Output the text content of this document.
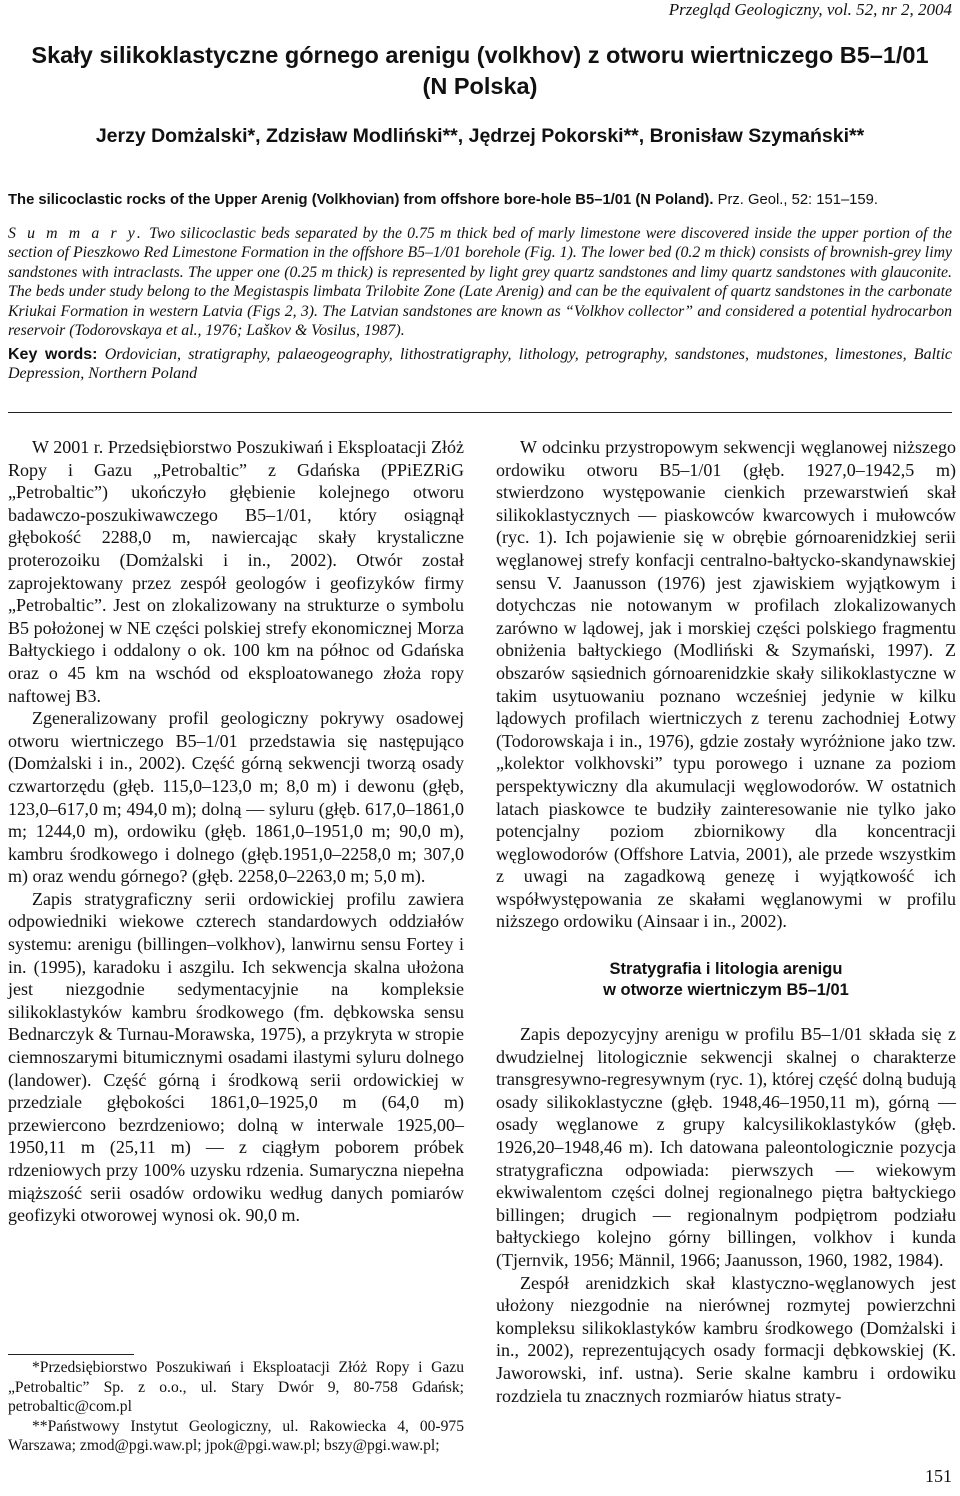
Przegląd Geologiczny, vol. 52, nr 2, 2004
Skały silikoklastyczne górnego arenigu (volkhov) z otworu wiertniczego B5–1/01 (N Polska)

Jerzy Domżalski*, Zdzisław Modliński**, Jędrzej Pokorski**, Bronisław Szymański**

The silicoclastic rocks of the Upper Arenig (Volkhovian) from offshore bore-hole B5–1/01 (N Poland). Prz. Geol., 52: 151–159.

S u m m a r y. Two silicoclastic beds separated by the 0.75 m thick bed of marly limestone were discovered inside the upper portion of the section of Pieszkowo Red Limestone Formation in the offshore B5–1/01 borehole (Fig. 1). The lower bed (0.2 m thick) consists of brownish-grey limy sandstones with intraclasts. The upper one (0.25 m thick) is represented by light grey quartz sandstones and limy quartz sandstones with glauconite. The beds under study belong to the Megistaspis limbata Trilobite Zone (Late Arenig) and can be the equivalent of quartz sandstones in the carbonate Kriukai Formation in western Latvia (Figs 2, 3). The Latvian sandstones are known as “Volkhov collector” and considered a potential hydrocarbon reservoir (Todorovskaya et al., 1976; Laškov & Vosilus, 1987).

Key words: Ordovician, stratigraphy, palaeogeography, lithostratigraphy, lithology, petrography, sandstones, mudstones, limestones, Baltic Depression, Northern Poland

W 2001 r. Przedsiębiorstwo Poszukiwań i Eksploatacji Złóż Ropy i Gazu „Petrobaltic” z Gdańska (PPiEZRiG „Petrobaltic”) ukończyło głębienie kolejnego otworu badawczo-poszukiwawczego B5–1/01, który osiągnął głębokość 2288,0 m, nawiercając skały krystaliczne proterozoiku (Domżalski i in., 2002). Otwór został zaprojektowany przez zespół geologów i geofizyków firmy „Petrobaltic”. Jest on zlokalizowany na strukturze o symbolu B5 położonej w NE części polskiej strefy ekonomicznej Morza Bałtyckiego i oddalony o ok. 100 km na północ od Gdańska oraz o 45 km na wschód od eksploatowanego złoża ropy naftowej B3.

Zgeneralizowany profil geologiczny pokrywy osadowej otworu wiertniczego B5–1/01 przedstawia się następująco (Domżalski i in., 2002). Część górną sekwencji tworzą osady czwartorzędu (głęb. 115,0–123,0 m; 8,0 m) i dewonu (głęb, 123,0–617,0 m; 494,0 m); dolną — syluru (głęb. 617,0–1861,0 m; 1244,0 m), ordowiku (głęb. 1861,0–1951,0 m; 90,0 m), kambru środkowego i dolnego (głęb.1951,0–2258,0 m; 307,0 m) oraz wendu górnego? (głęb. 2258,0–2263,0 m; 5,0 m).

Zapis stratygraficzny serii ordowickiej profilu zawiera odpowiedniki wiekowe czterech standardowych oddziałów systemu: arenigu (billingen–volkhov), lanwirnu sensu Fortey i in. (1995), karadoku i aszgilu. Ich sekwencja skalna ułożona jest niezgodnie sedymentacyjnie na kompleksie silikoklastyków kambru środkowego (fm. dębkowska sensu Bednarczyk & Turnau-Morawska, 1975), a przykryta w stropie ciemnoszarymi bitumicznymi osadami ilastymi syluru dolnego (landower). Część górną i środkową serii ordowickiej w przedziale głębokości 1861,0–1925,0 m (64,0 m) przewiercono bezrdzeniowo; dolną w interwale 1925,00–1950,11 m (25,11 m) — z ciągłym poborem próbek rdzeniowych przy 100% uzysku rdzenia. Sumaryczna niepełna miąższość serii osadów ordowiku według danych pomiarów geofizyki otworowej wynosi ok. 90,0 m.

W odcinku przystropowym sekwencji węglanowej niższego ordowiku otworu B5–1/01 (głęb. 1927,0–1942,5 m) stwierdzono występowanie cienkich przewarstwień skał silikoklastycznych — piaskowców kwarcowych i mułowców (ryc. 1). Ich pojawienie się w obrębie górnoarenidzkiej serii węglanowej strefy konfacji centralno-bałtycko-skandynawskiej sensu V. Jaanusson (1976) jest zjawiskiem wyjątkowym i dotychczas nie notowanym w profilach zlokalizowanych zarówno w lądowej, jak i morskiej części polskiego fragmentu obniżenia bałtyckiego (Modliński & Szymański, 1997). Z obszarów sąsiednich górnoarenidzkie skały silikoklastyczne w takim usytuowaniu poznano wcześniej jedynie w kilku lądowych profilach wiertniczych z terenu zachodniej Łotwy (Todorowskaja i in., 1976), gdzie zostały wyróżnione jako tzw. „kolektor volkhovski” typu porowego i uznane za poziom perspektywiczny dla akumulacji węglowodorów. W ostatnich latach piaskowce te budziły zainteresowanie nie tylko jako potencjalny poziom zbiornikowy dla koncentracji węglowodorów (Offshore Latvia, 2001), ale przede wszystkim z uwagi na zagadkową genezę i wyjątkowość ich współwystępowania ze skałami węglanowymi w profilu niższego ordowiku (Ainsaar i in., 2002).

Stratygrafia i litologia arenigu
w otworze wiertniczym B5–1/01

Zapis depozycyjny arenigu w profilu B5–1/01 składa się z dwudzielnej litologicznie sekwencji skalnej o charakterze transgresywno-regresywnym (ryc. 1), której część dolną budują osady silikoklastyczne (głęb. 1948,46–1950,11 m), górną — osady węglanowe z grupy kalcysilikoklastyków (głęb. 1926,20–1948,46 m). Ich datowana paleontologicznie pozycja stratygraficzna odpowiada: pierwszych — wiekowym ekwiwalentom części dolnej regionalnego piętra bałtyckiego billingen; drugich — regionalnym podpiętrom podziału bałtyckiego kolejno górny billingen, volkhov i kunda (Tjernvik, 1956; Männil, 1966; Jaanusson, 1960, 1982, 1984).

Zespół arenidzkich skał klastyczno-węglanowych jest ułożony niezgodnie na nierównej rozmytej powierzchni kompleksu silikoklastyków kambru środkowego (Domżalski i in., 2002), reprezentujących osady formacji dębkowskiej (K. Jaworowski, inf. ustna). Serie skalne kambru i ordowiku rozdziela tu znacznych rozmiarów hiatus straty-

*Przedsiębiorstwo Poszukiwań i Eksploatacji Złóż Ropy i Gazu „Petrobaltic” Sp. z o.o., ul. Stary Dwór 9, 80-758 Gdańsk; petrobaltic@com.pl

**Państwowy Instytut Geologiczny, ul. Rakowiecka 4, 00-975 Warszawa; zmod@pgi.waw.pl; jpok@pgi.waw.pl; bszy@pgi.waw.pl;

151
